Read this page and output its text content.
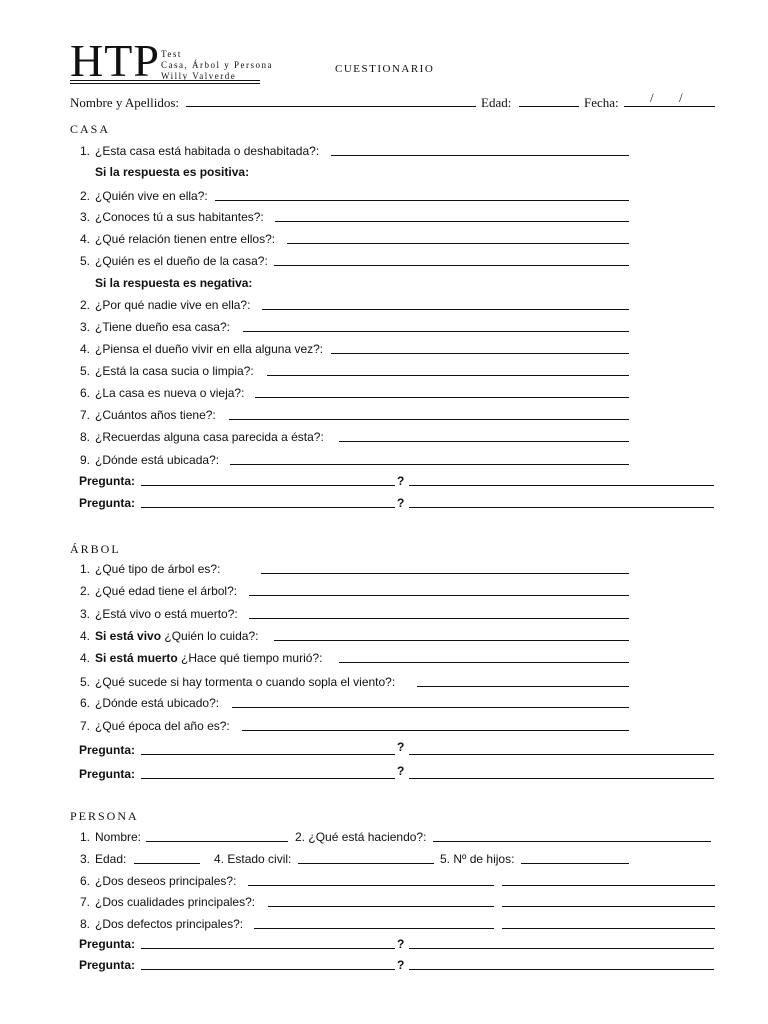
HTP Test
Casa, Árbol y Persona
Willy Valverde
CUESTIONARIO
Nombre y Apellidos:	Edad:	Fecha: / /
CASA
1. ¿Esta casa está habitada o deshabitada?:
Si la respuesta es positiva:
2. ¿Quién vive en ella?:
3. ¿Conoces tú a sus habitantes?:
4. ¿Qué relación tienen entre ellos?:
5. ¿Quién es el dueño de la casa?:
Si la respuesta es negativa:
2. ¿Por qué nadie vive en ella?:
3. ¿Tiene dueño esa casa?:
4. ¿Piensa el dueño vivir en ella alguna vez?:
5. ¿Está la casa sucia o limpia?:
6. ¿La casa es nueva o vieja?:
7. ¿Cuántos años tiene?:
8. ¿Recuerdas alguna casa parecida a ésta?:
9. ¿Dónde está ubicada?:
Pregunta:	?
Pregunta:	?
ÁRBOL
1. ¿Qué tipo de árbol es?:
2. ¿Qué edad tiene el árbol?:
3. ¿Está vivo o está muerto?:
4. Si está vivo ¿Quién lo cuida?:
4. Si está muerto ¿Hace qué tiempo murió?:
5. ¿Qué sucede si hay tormenta o cuando sopla el viento?:
6. ¿Dónde está ubicado?:
7. ¿Qué época del año es?:
Pregunta:	?
Pregunta:	?
PERSONA
1. Nombre:	2. ¿Qué está haciendo?:
3. Edad:	4. Estado civil:	5. Nº de hijos:
6. ¿Dos deseos principales?:
7. ¿Dos cualidades principales?:
8. ¿Dos defectos principales?:
Pregunta:	?
Pregunta:	?
